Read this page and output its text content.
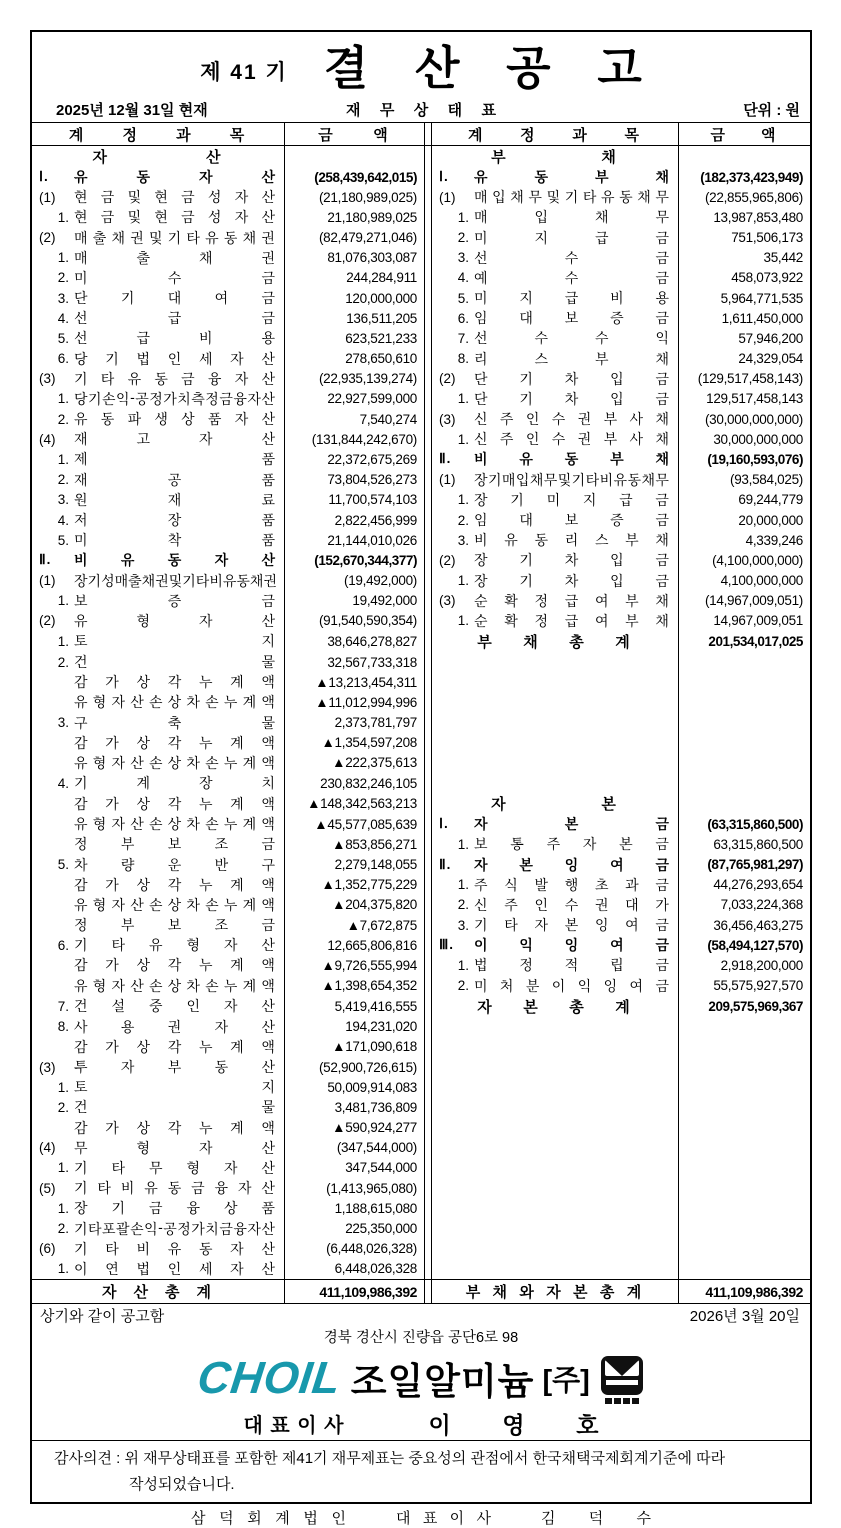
제 41 기 결 산 공 고
2025년 12월 31일 현재	재 무 상 태 표	단위 : 원
계	정	과	목	금	액	계	정	과	목	금 액
자	산	부	채
Ⅰ.	유	동	자	산	(258,439,642,015)	Ⅰ.	유	동	부	채	(182,373,423,949)
(1)	현 금 및 현 금 성 자 산	(21,180,989,025)	(1)	매 입 채 무 및 기 타 유 동 채 무	(22,855,965,806)
1. 현 금 및 현 금 성 자 산	21,180,989,025	1. 매	입	채	무	13,987,853,480
(2)	매 출 채 권 및 기 타 유 동 채 권	(82,479,271,046)	2. 미	지	급	금	751,506,173
1. 매	출	채	권	81,076,303,087	3. 선	수	금	35,442
2. 미	수	금	244,284,911	4. 예	수	금	458,073,922
3. 단 기 대 여 금	120,000,000	5. 미 지 급 비 용	5,964,771,535
4. 선	급	금	136,511,205	6. 임 대 보 증 금	1,611,450,000
5. 선	급	비	용	623,521,233	7. 선	수	수	익	57,946,200
6. 당 기 법 인 세 자 산	278,650,610	8. 리	스	부	채	24,329,054
(3)	기 타 유 동 금 융 자 산	(22,935,139,274)	(2)	단 기 차 입 금	(129,517,458,143)
1. 당 기 손 익 - 공 정 가 치 측 정 금 융 자 산	22,927,599,000	1. 단 기 차 입 금	129,517,458,143
2. 유 동 파 생 상 품 자 산	7,540,274	(3)	신 주 인 수 권 부 사 채	(30,000,000,000)
(4)	재	고	자	산	(131,844,242,670)	1. 신 주 인 수 권 부 사 채	30,000,000,000
1. 제	품	22,372,675,269	Ⅱ.	비 유 동 부 채	(19,160,593,076)
2. 재	공	품	73,804,526,273	(1)	장 기 매 입 채 무 및 기 타 비 유 동 채 무	(93,584,025)
3. 원	재	료	11,700,574,103	1. 장 기 미 지 급 금	69,244,779
4. 저	장	품	2,822,456,999	2. 임 대 보 증 금	20,000,000
5. 미	착	품	21,144,010,026	3. 비 유 동 리 스 부 채	4,339,246
Ⅱ.	비 유 동 자 산	(152,670,344,377)	(2)	장 기 차 입 금	(4,100,000,000)
(1)	장 기 성 매 출 채 권 및 기 타 비 유 동 채 권	(19,492,000)	1. 장 기 차 입 금	4,100,000,000
1. 보	증	금	19,492,000	(3)	순 확 정 급 여 부 채	(14,967,009,051)
(2)	유	형	자	산	(91,540,590,354)	1. 순 확 정 급 여 부 채	14,967,009,051
1. 토	지	38,646,278,827	부 채 총 계	201,534,017,025
2. 건	물	32,567,733,318
감 가 상 각 누 계 액	▲13,213,454,311
유 형 자 산 손 상 차 손 누 계 액	▲11,012,994,996
3. 구	축	물	2,373,781,797
감 가 상 각 누 계 액	▲1,354,597,208
유 형 자 산 손 상 차 손 누 계 액	▲222,375,613
4. 기	계	장	치	230,832,246,105
감 가 상 각 누 계 액	▲148,342,563,213	자	본
유 형 자 산 손 상 차 손 누 계 액	▲45,577,085,639	Ⅰ.	자	본	금	(63,315,860,500)
정 부 보 조 금	▲853,856,271	1. 보 통 주 자 본 금	63,315,860,500
5. 차 량 운 반 구	2,279,148,055	Ⅱ.	자 본 잉 여 금	(87,765,981,297)
감 가 상 각 누 계 액	▲1,352,775,229	1. 주 식 발 행 초 과 금	44,276,293,654
유 형 자 산 손 상 차 손 누 계 액	▲204,375,820	2. 신 주 인 수 권 대 가	7,033,224,368
정 부 보 조 금	▲7,672,875	3. 기 타 자 본 잉 여 금	36,456,463,275
6. 기 타 유 형 자 산	12,665,806,816	Ⅲ.	이 익 잉 여 금	(58,494,127,570)
감 가 상 각 누 계 액	▲9,726,555,994	1. 법 정 적 립 금	2,918,200,000
유 형 자 산 손 상 차 손 누 계 액	▲1,398,654,352	2. 미 처 분 이 익 잉 여 금	55,575,927,570
7. 건 설 중 인 자 산	5,419,416,555	자 본 총 계	209,575,969,367
8. 사 용 권 자 산	194,231,020
감 가 상 각 누 계 액	▲171,090,618
(3)	투 자 부 동 산	(52,900,726,615)
1. 토	지	50,009,914,083
2. 건	물	3,481,736,809
감 가 상 각 누 계 액	▲590,924,277
(4)	무	형	자	산	(347,544,000)
1. 기 타 무 형 자 산	347,544,000
(5)	기 타 비 유 동 금 융 자 산	(1,413,965,080)
1. 장 기 금 융 상 품	1,188,615,080
2. 기 타 포 괄 손 익 - 공 정 가 치 금 융 자 산	225,350,000
(6)	기 타 비 유 동 자 산	(6,448,026,328)
1. 이 연 법 인 세 자 산	6,448,026,328
자 산 총 계	411,109,986,392	부 채 와 자 본 총 계	411,109,986,392
상기와 같이 공고함	2026년 3월 20일
경북 경산시 진량읍 공단6로 98
CHOIL 조일알미늄 [주]
대 표 이 사	이 영 호
감사의견 : 위 재무상태표를 포함한 제41기 재무제표는 중요성의 관점에서 한국채택국제회계기준에 따라
작성되었습니다.
삼 덕 회 계 법 인	대 표 이 사	김 덕 수
